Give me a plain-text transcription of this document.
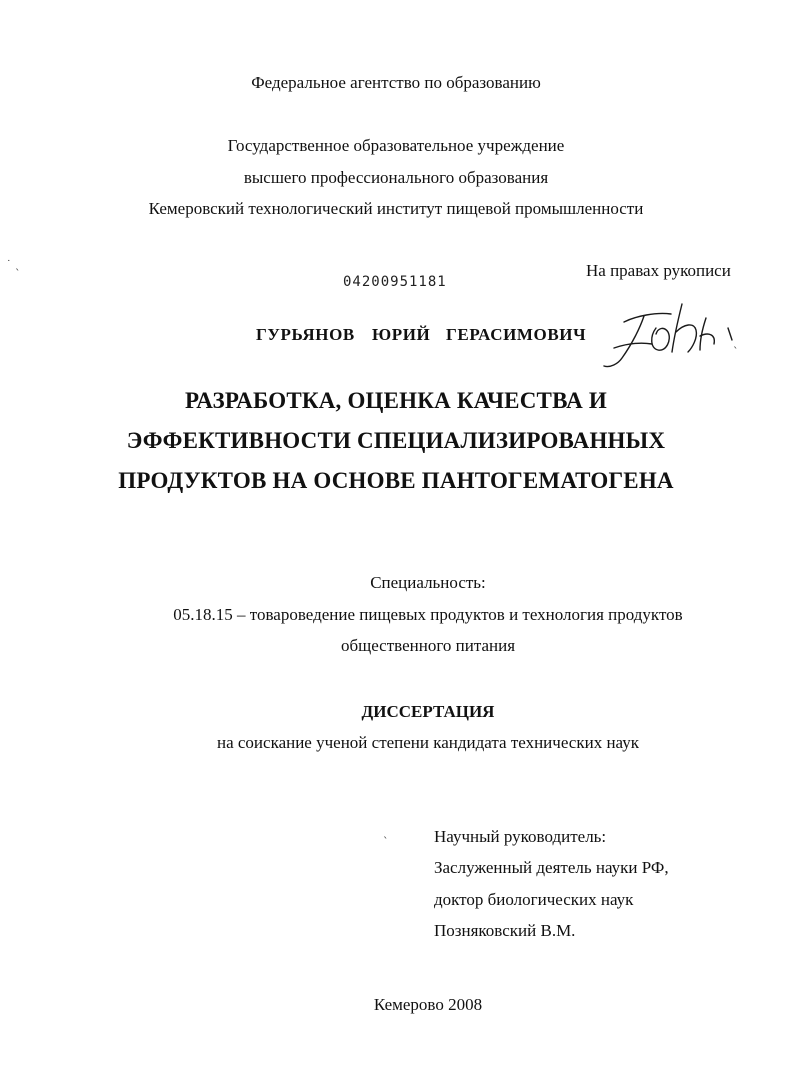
Федеральное агентство по образованию
Государственное образовательное учреждение
высшего профессионального образования
Кемеровский технологический институт пищевой промышленности
На правах рукописи
04200951181
ГУРЬЯНОВ ЮРИЙ ГЕРАСИМОВИЧ
РАЗРАБОТКА, ОЦЕНКА КАЧЕСТВА И
ЭФФЕКТИВНОСТИ СПЕЦИАЛИЗИРОВАННЫХ
ПРОДУКТОВ НА ОСНОВЕ ПАНТОГЕМАТОГЕНА
Специальность:
05.18.15 – товароведение пищевых продуктов и технология продуктов
общественного питания
ДИССЕРТАЦИЯ
на соискание ученой степени кандидата технических наук
Научный руководитель:
Заслуженный деятель науки РФ,
доктор биологических наук
Позняковский В.М.
Кемерово 2008
˙ ˎ
ˎ
ˎ
